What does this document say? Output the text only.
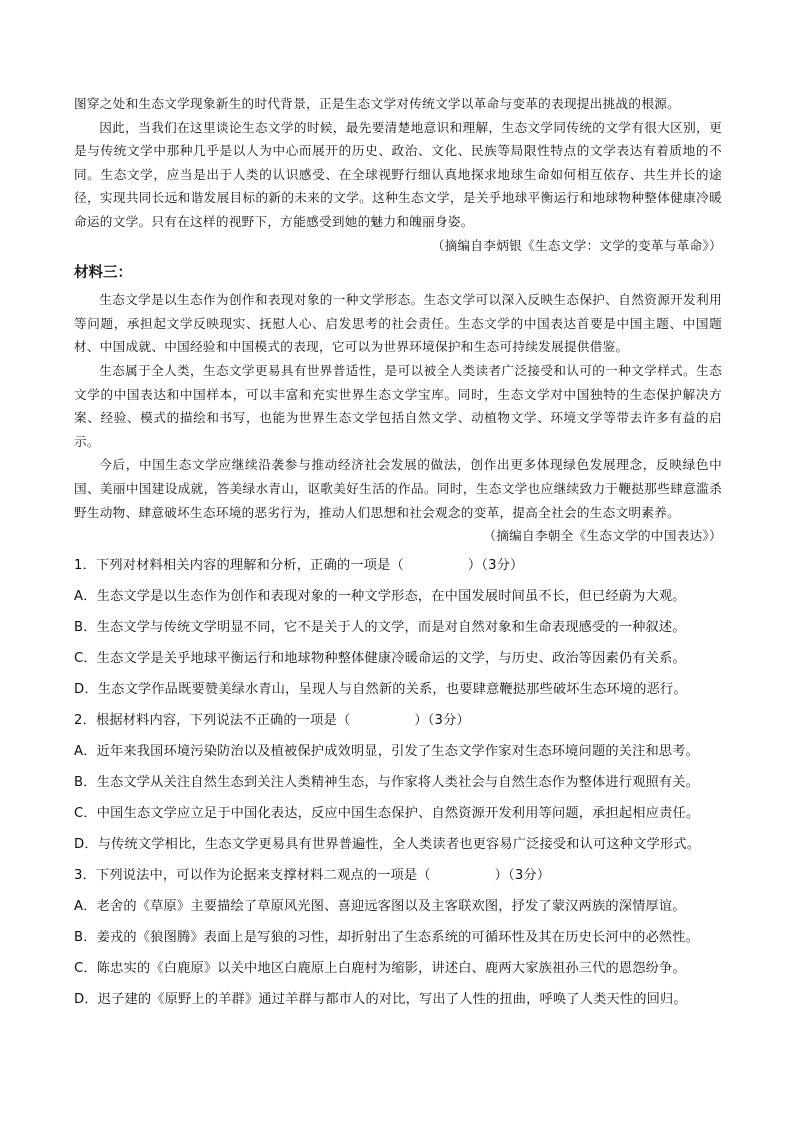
图穿之处和生态文学现象新生的时代背景，正是生态文学对传统文学以革命与变革的表现提出挑战的根源。

因此，当我们在这里谈论生态文学的时候，最先要清楚地意识和理解，生态文学同传统的文学有很大区别，更是与传统文学中那种几乎是以人为中心而展开的历史、政治、文化、民族等局限性特点的文学表达有着质地的不同。生态文学，应当是出于人类的认识感受、在全球视野行细认真地探求地球生命如何相互依存、共生并长的途径，实现共同长远和谐发展目标的新的未来的文学。这种生态文学，是关乎地球平衡运行和地球物种整体健康冷暖命运的文学。只有在这样的视野下，方能感受到她的魅力和魄丽身姿。

（摘编自李炳银《生态文学：文学的变革与革命》）

材料三：

生态文学是以生态作为创作和表现对象的一种文学形态。生态文学可以深入反映生态保护、自然资源开发利用等问题，承担起文学反映现实、抚慰人心、启发思考的社会责任。生态文学的中国表达首要是中国主题、中国题材、中国成就、中国经验和中国模式的表现，它可以为世界环境保护和生态可持续发展提供借鉴。

生态属于全人类，生态文学更易具有世界普适性，是可以被全人类读者广泛接受和认可的一种文学样式。生态文学的中国表达和中国样本，可以丰富和充实世界生态文学宝库。同时，生态文学对中国独特的生态保护解决方案、经验、模式的描绘和书写，也能为世界生态文学包括自然文学、动植物文学、环境文学等带去许多有益的启示。

今后，中国生态文学应继续沿袭参与推动经济社会发展的做法，创作出更多体现绿色发展理念，反映绿色中国、美丽中国建设成就，答美绿水青山，讴歌美好生活的作品。同时，生态文学也应继续致力于鞭挞那些肆意滥杀野生动物、肆意破坏生态环境的恶劣行为，推动人们思想和社会观念的变革，提高全社会的生态文明素养。

（摘编自李朝全《生态文学的中国表达》）

1．下列对材料相关内容的理解和分析，正确的一项是（	）（3分）

A．生态文学是以生态作为创作和表现对象的一种文学形态，在中国发展时间虽不长，但已经蔚为大观。

B．生态文学与传统文学明显不同，它不是关于人的文学，而是对自然对象和生命表现感受的一种叙述。

C．生态文学是关乎地球平衡运行和地球物种整体健康冷暖命运的文学，与历史、政治等因素仍有关系。

D．生态文学作品既要赞美绿水青山，呈现人与自然新的关系，也要肆意鞭挞那些破坏生态环境的恶行。

2．根据材料内容，下列说法不正确的一项是（	）（3分）

A．近年来我国环境污染防治以及植被保护成效明显，引发了生态文学作家对生态环境问题的关注和思考。

B．生态文学从关注自然生态到关注人类精神生态，与作家将人类社会与自然生态作为整体进行观照有关。

C．中国生态文学应立足于中国化表达，反应中国生态保护、自然资源开发利用等问题，承担起相应责任。

D．与传统文学相比，生态文学更易具有世界普遍性，全人类读者也更容易广泛接受和认可这种文学形式。

3．下列说法中，可以作为论据来支撑材料二观点的一项是（	）（3分）

A．老舍的《草原》主要描绘了草原风光图、喜迎远客图以及主客联欢图，抒发了蒙汉两族的深情厚谊。

B．姜戎的《狼图腾》表面上是写狼的习性，却折射出了生态系统的可循环性及其在历史长河中的必然性。

C．陈忠实的《白鹿原》以关中地区白鹿原上白鹿村为缩影，讲述白、鹿两大家族祖孙三代的恩怨纷争。

D．迟子建的《原野上的羊群》通过羊群与都市人的对比，写出了人性的扭曲，呼唤了人类天性的回归。
